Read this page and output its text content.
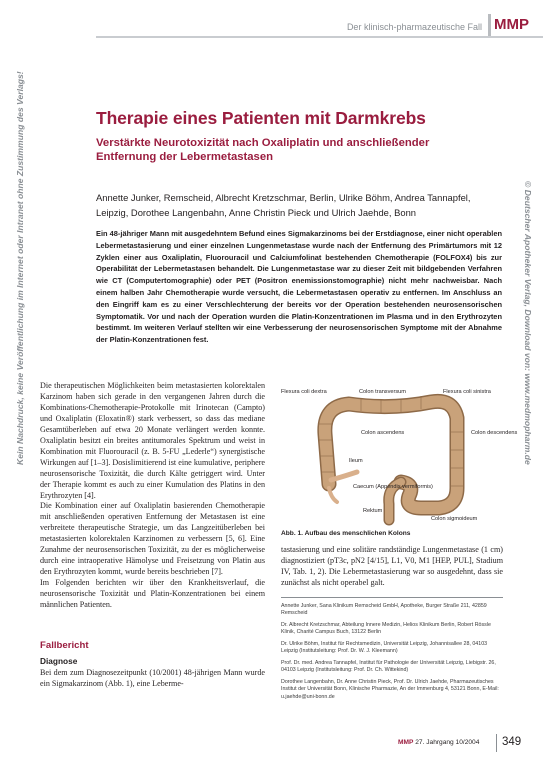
Der klinisch-pharmazeutische Fall MMP
Therapie eines Patienten mit Darmkrebs
Verstärkte Neurotoxizität nach Oxaliplatin und anschließender Entfernung der Lebermetastasen
Annette Junker, Remscheid, Albrecht Kretzschmar, Berlin, Ulrike Böhm, Andrea Tannapfel, Leipzig, Dorothee Langenbahn, Anne Christin Pieck und Ulrich Jaehde, Bonn
Ein 48-jähriger Mann mit ausgedehntem Befund eines Sigmakarzinoms bei der Erstdiagnose, einer nicht operablen Lebermetastasierung und einer einzelnen Lungenmetastase wurde nach der Entfernung des Primärtumors mit 12 Zyklen einer aus Oxaliplatin, Fluorouracil und Calciumfolinat bestehenden Chemotherapie (FOLFOX4) bis zur Operabilität der Lebermetastasen behandelt. Die Lungenmetastase war zu dieser Zeit mit bildgebenden Verfahren wie CT (Computertomographie) oder PET (Positron enemissionstomographie) nicht mehr nachweisbar. Nach einem halben Jahr Chemotherapie wurde versucht, die Lebermetastasen operativ zu entfernen. Im Anschluss an den Eingriff kam es zu einer Verschlechterung der bereits vor der Operation bestehenden neurosensorischen Symptomatik. Vor und nach der Operation wurden die Platin-Konzentrationen im Plasma und in den Erythrozyten bestimmt. Im weiteren Verlauf stellten wir eine Verbesserung der neurosensorischen Symptome mit der Abnahme der Platin-Konzentrationen fest.

Die therapeutischen Möglichkeiten beim metastasierten kolorektalen Karzinom haben sich gerade in den vergangenen Jahren durch die Kombinations-Chemotherapie-Protokolle mit Irinotecan (Campto) und Oxaliplatin (Eloxatin®) stark verbessert, so dass das mediane Gesamtüberleben auf etwa 20 Monate verlängert werden konnte. Oxaliplatin besitzt ein breites antitumorales Spektrum und weist in Kombination mit Fluorouracil (z. B. 5-FU „Lederle“) synergistische Wirkungen auf [1–3]. Dosislimitierend ist eine kumulative, periphere neurosensorische Toxizität, die durch Kälte getriggert wird. Unter der Therapie kommt es auch zu einer Kumulation des Platins in den Erythrozyten [4].

Die Kombination einer auf Oxaliplatin basierenden Chemotherapie mit anschließenden operativen Entfernung der Metastasen ist eine verbreitete therapeutische Strategie, um das Langzeitüberleben bei metastasierten kolorektalen Karzinomen zu verbessern [5, 6]. Eine Zunahme der neurosensorischen Toxizität, zu der es möglicherweise durch eine intraoperative Hämolyse und Freisetzung von Platin aus den Erythrozyten kommt, wurde bereits beschrieben [7].

Im Folgenden berichten wir über den Krankheitsverlauf, die neurosensorische Toxizität und Platin-Konzentrationen bei einem männlichen Patienten.

Fallbericht
Diagnose
Bei dem zum Diagnosezeitpunkt (10/2001) 48-jährigen Mann wurde ein Sigmakarzinom (Abb. 1), eine Leberme-
Flexura coli dextra	Colon transversum	Flexura coli sinistra
Colon ascendens	Colon descendens
Ileum
Caecum (Appendix vermiformis)
Rektum
Colon sigmoideum
Abb. 1. Aufbau des menschlichen Kolons
tastasierung und eine solitäre randständige Lungenmetastase (1 cm) diagnostiziert (pT3c, pN2 [4/15], L1, V0, M1 [HEP, PUL], Stadium IV, Tab. 1, 2). Die Lebermetastasierung war so ausgedehnt, dass sie zunächst als nicht operabel galt.

Annette Junker, Sana Klinikum Remscheid GmbH, Apotheke, Burger Straße 211, 42859 Remscheid

Dr. Albrecht Kretzschmar, Abteilung Innere Medizin, Helios Klinikum Berlin, Robert Rössle Klinik, Charité Campus Buch, 13122 Berlin

Dr. Ulrike Böhm, Institut für Rechtsmedizin, Universität Leipzig, Johannisallee 28, 04103 Leipzig (Institutsleitung: Prof. Dr. W. J. Kleemann)

Prof. Dr. med. Andrea Tannapfel, Institut für Pathologie der Universität Leipzig, Liebigstr. 26, 04103 Leipzig (Institutsleitung: Prof. Dr. Ch. Wittekind)

Dorothee Langenbahn, Dr. Anne Christin Pieck, Prof. Dr. Ulrich Jaehde, Pharmazeutisches Institut der Universität Bonn, Klinische Pharmazie, An der Immenburg 4, 53121 Bonn, E-Mail: u.jaehde@uni-bonn.de

MMP 27. Jahrgang 10/2004 349
Kein Nachdruck, keine Veröffentlichung im Internet oder Intranet ohne Zustimmung des Verlags!	© Deutscher Apotheker Verlag, Download von: www.medmopharm.de
